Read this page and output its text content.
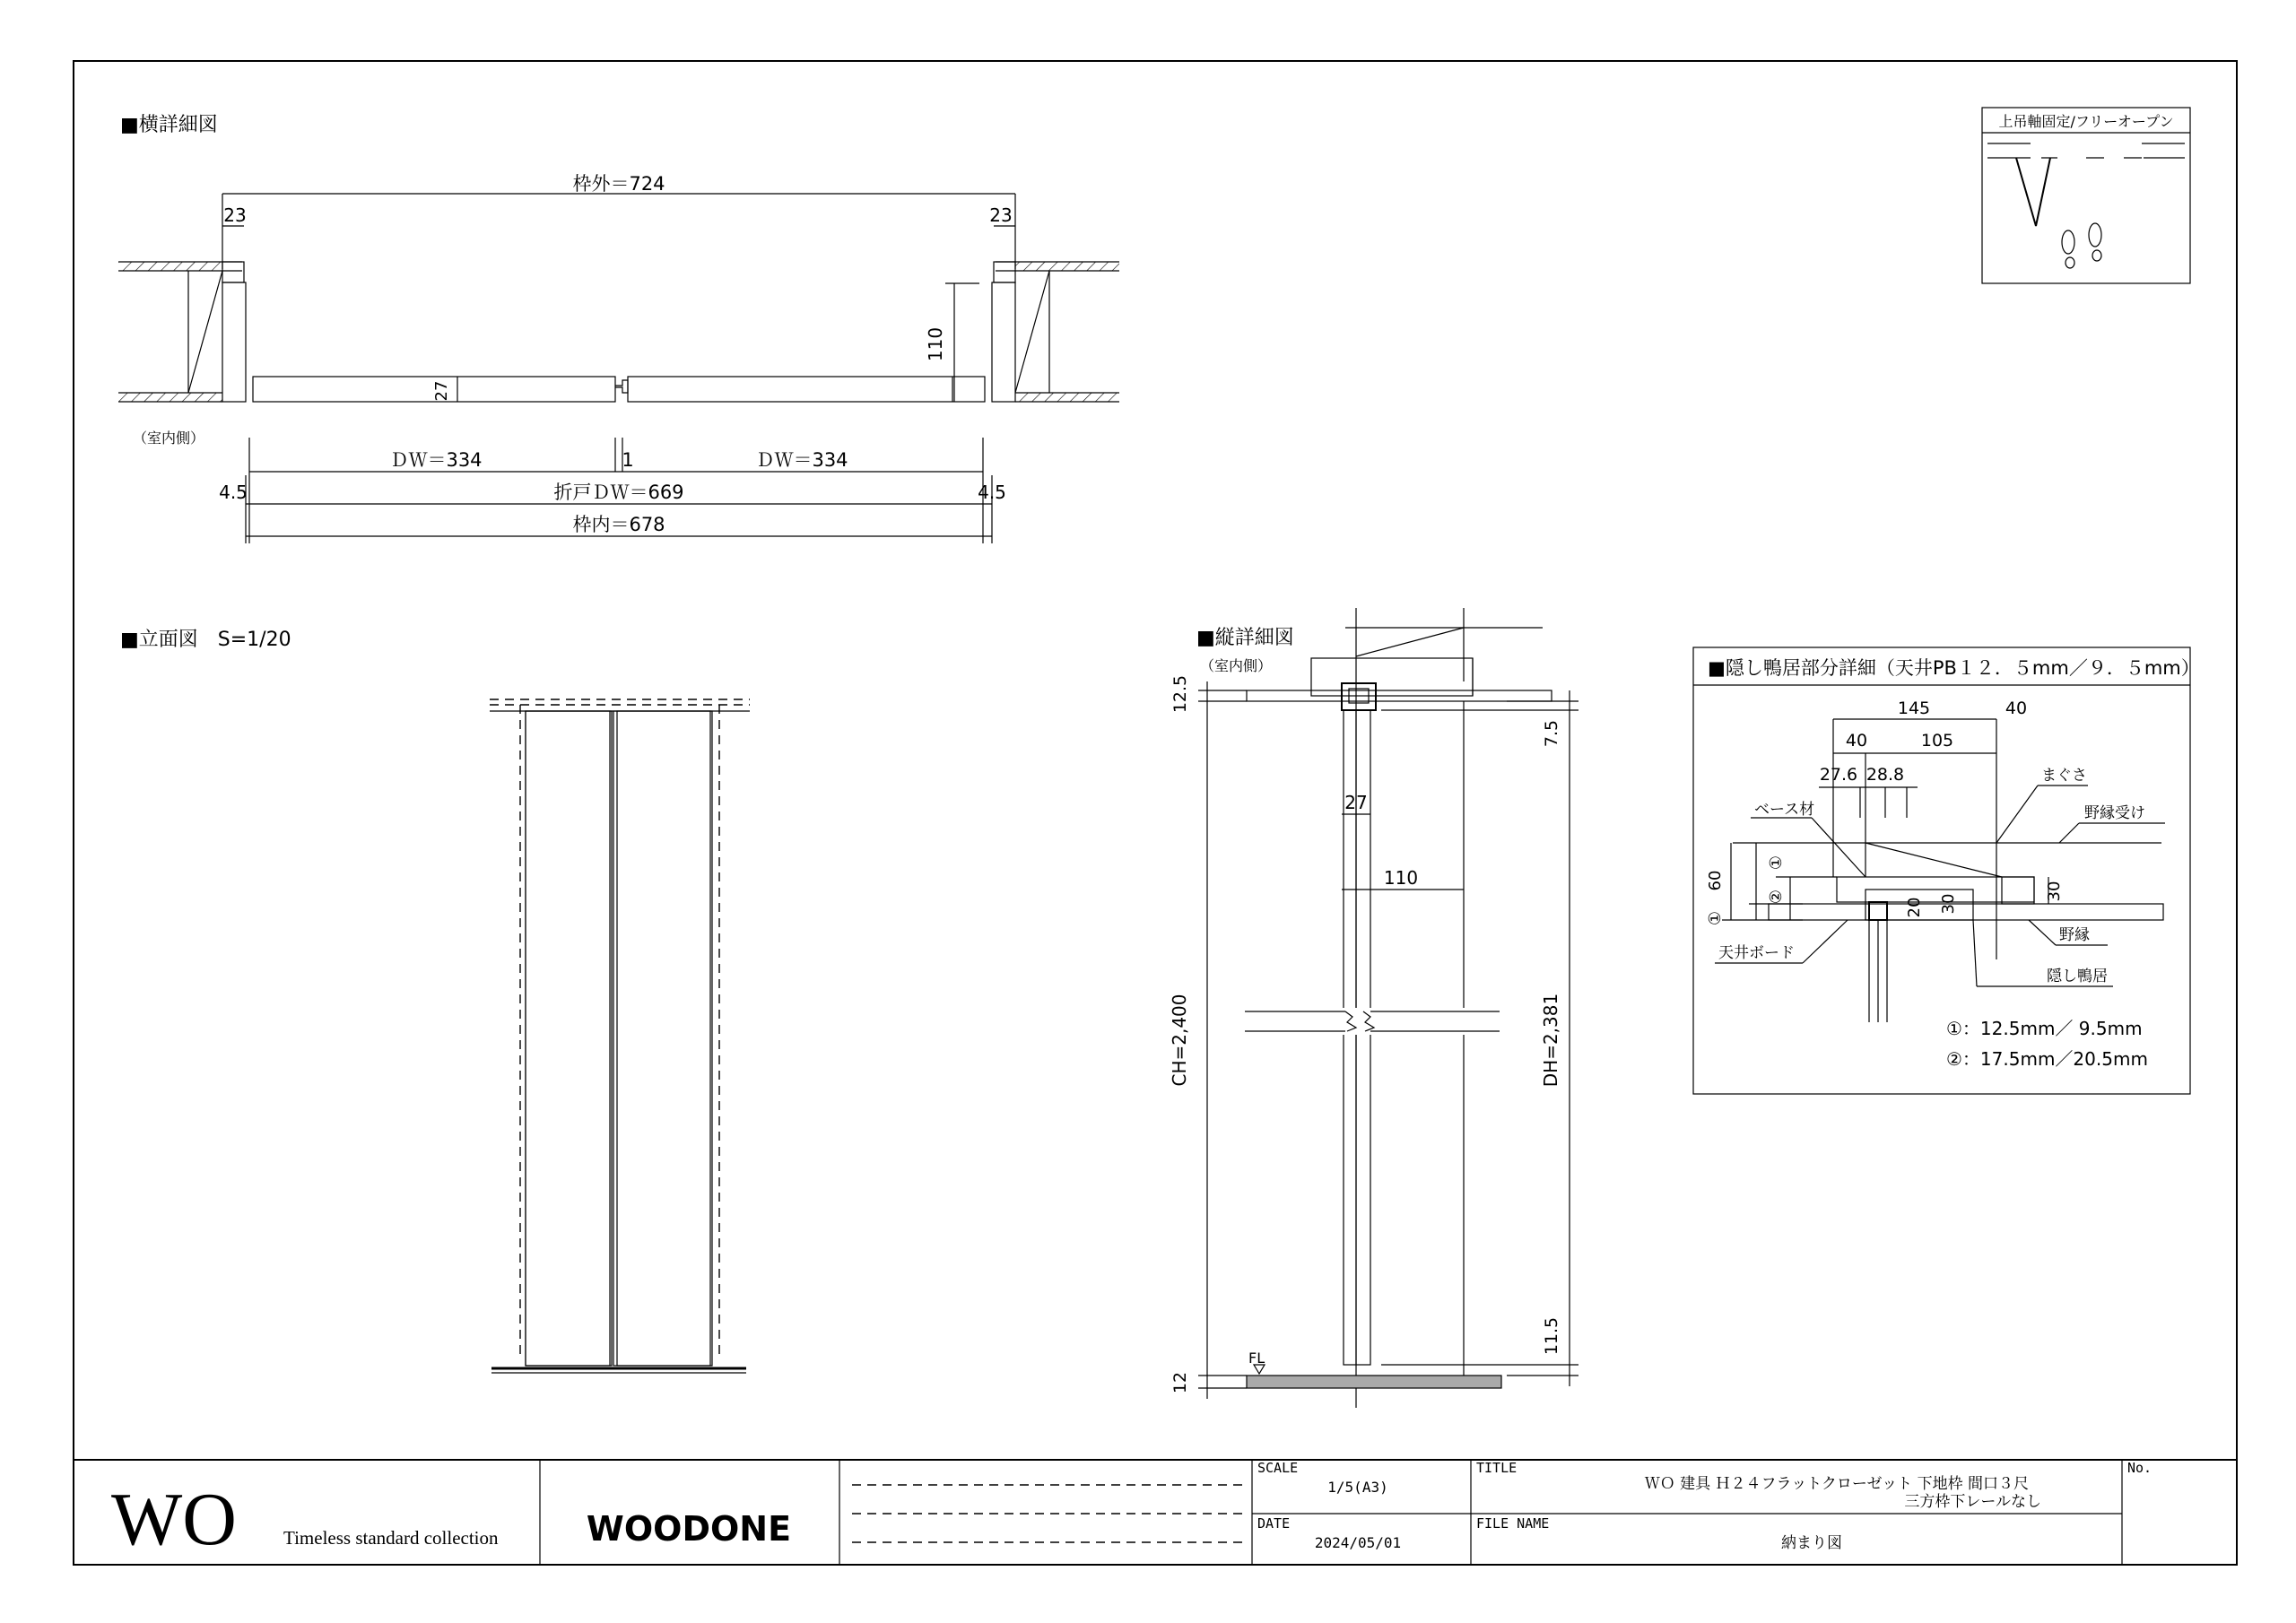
■横詳細図
■立面図　S=1/20	■縦詳細図
枠外＝724
23	23
27
110
（室内側）
ＤＷ＝334	1	ＤＷ＝334
4.5	4.5
折戸ＤＷ＝669
枠内＝678
（室内側）
FL
27
110
12.5
CH=2,400
12
7.5
DH=2,381
11.5
上吊軸固定/フリーオープン
■隠し鴨居部分詳細（天井PB１２．５mm／９．５mm）
145	40
40	105
27.6 28.8
20 30
30
60
①
①
②
ベース材
まぐさ
野縁受け
野縁
天井ボード
隠し鴨居
①：12.5mm／ 9.5mm
②：17.5mm／20.5mm
WO Timeless standard collection	WOODONE
SCALE
1/5(A3)
DATE
2024/05/01
TITLE
ＷＯ 建具 Ｈ２４フラットクローゼット 下地枠 間口３尺
三方枠下レールなし
FILE NAME
納まり図
No.
